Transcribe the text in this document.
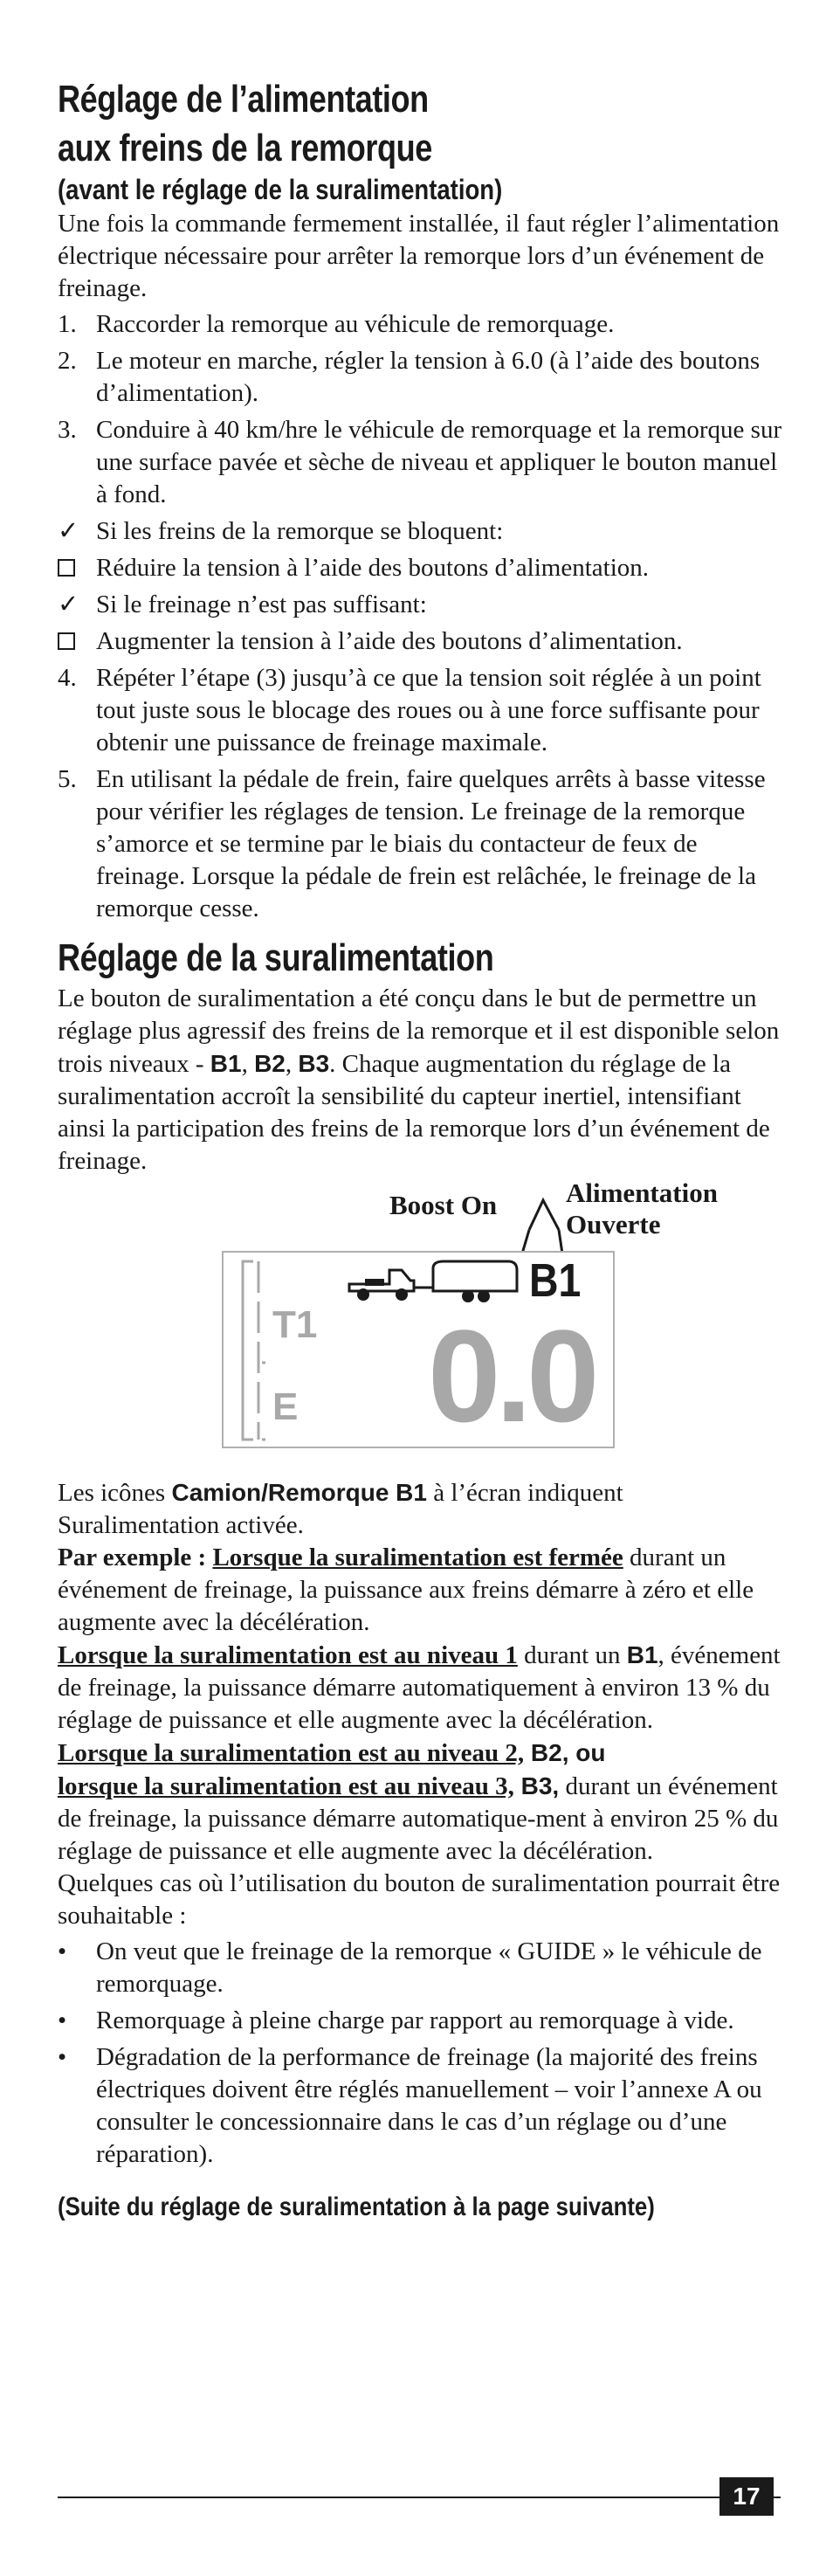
Réglage de l’alimentation
aux freins de la remorque
(avant le réglage de la suralimentation)

Une fois la commande fermement installée, il faut régler l’alimentation électrique nécessaire pour arrêter la remorque lors d’un événement de freinage.

1. Raccorder la remorque au véhicule de remorquage.
2. Le moteur en marche, régler la tension à 6.0 (à l’aide des boutons d’alimentation).
3. Conduire à 40 km/hre le véhicule de remorquage et la remorque sur une surface pavée et sèche de niveau et appliquer le bouton manuel à fond.
✓ Si les freins de la remorque se bloquent:
Réduire la tension à l’aide des boutons d’alimentation.
✓ Si le freinage n’est pas suffisant:
Augmenter la tension à l’aide des boutons d’alimentation.
4. Répéter l’étape (3) jusqu’à ce que la tension soit réglée à un point tout juste sous le blocage des roues ou à une force suffisante pour obtenir une puissance de freinage maximale.
5. En utilisant la pédale de frein, faire quelques arrêts à basse vitesse pour vérifier les réglages de tension. Le freinage de la remorque s’amorce et se termine par le biais du contacteur de feux de freinage. Lorsque la pédale de frein est relâchée, le freinage de la remorque cesse.
Réglage de la suralimentation

Le bouton de suralimentation a été conçu dans le but de permettre un réglage plus agressif des freins de la remorque et il est disponible selon trois niveaux - B1, B2, B3. Chaque augmentation du réglage de la suralimentation accroît la sensibilité du capteur inertiel, intensifiant ainsi la participation des freins de la remorque lors d’un événement de freinage.

Boost On	Alimentation
Ouverte
T1
E
B1
0.0

Les icônes Camion/Remorque B1 à l’écran indiquent Suralimentation activée.

Par exemple : Lorsque la suralimentation est fermée durant un événement de freinage, la puissance aux freins démarre à zéro et elle augmente avec la décélération.

Lorsque la suralimentation est au niveau 1 durant un B1, événement de freinage, la puissance démarre automatiquement à environ 13 % du réglage de puissance et elle augmente avec la décélération.

Lorsque la suralimentation est au niveau 2, B2, ou
lorsque la suralimentation est au niveau 3, B3, durant un événement de freinage, la puissance démarre automatique-ment à environ 25 % du réglage de puissance et elle augmente avec la décélération.

Quelques cas où l’utilisation du bouton de suralimentation pourrait être souhaitable :

• On veut que le freinage de la remorque « GUIDE » le véhicule de remorquage.
• Remorquage à pleine charge par rapport au remorquage à vide.
• Dégradation de la performance de freinage (la majorité des freins électriques doivent être réglés manuellement – voir l’annexe A ou consulter le concessionnaire dans le cas d’un réglage ou d’une réparation).
(Suite du réglage de suralimentation à la page suivante)
17
